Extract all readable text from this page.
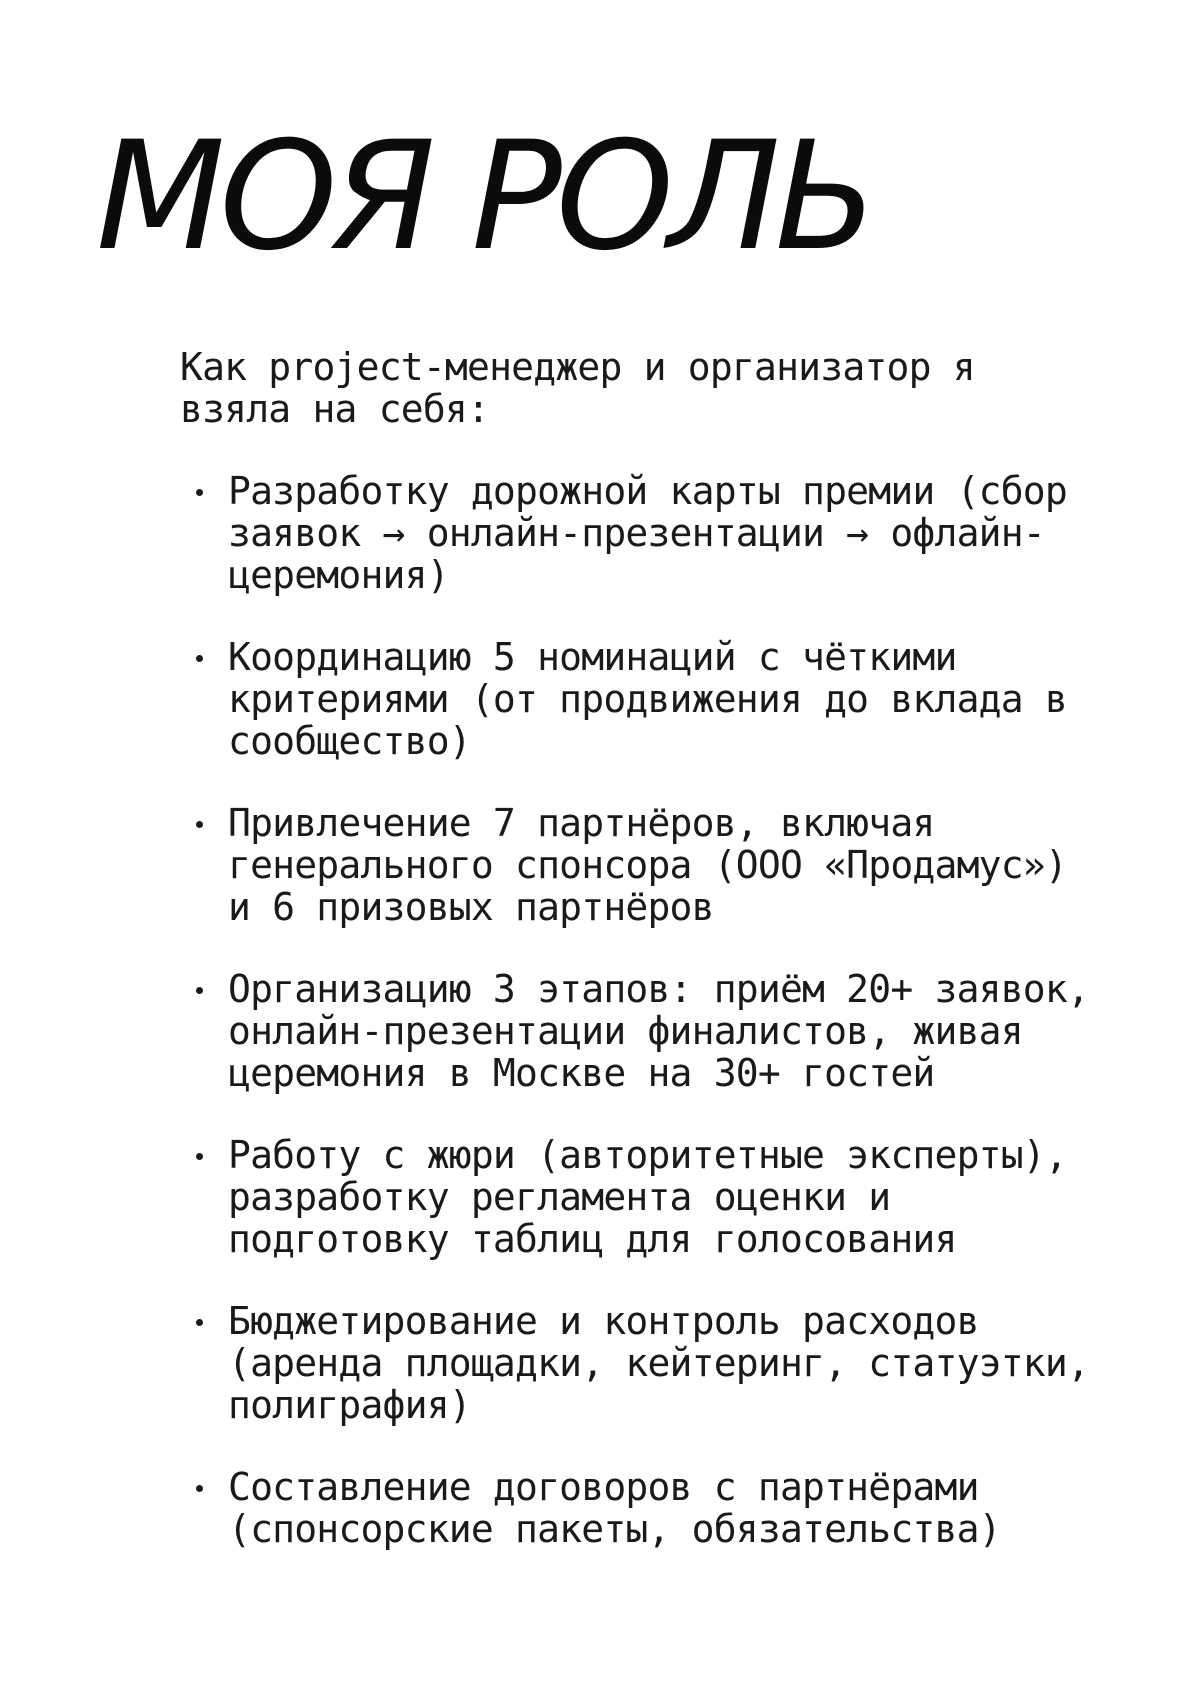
МОЯ РОЛЬ

Как project-менеджер и организатор я
взяла на себя:

Разработку дорожной карты премии (сбор
заявок → онлайн-презентации → офлайн-
церемония)
Координацию 5 номинаций с чёткими
критериями (от продвижения до вклада в
сообщество)
Привлечение 7 партнёров, включая
генерального спонсора (ООО «Продамус»)
и 6 призовых партнёров
Организацию 3 этапов: приём 20+ заявок,
онлайн-презентации финалистов, живая
церемония в Москве на 30+ гостей
Работу с жюри (авторитетные эксперты),
разработку регламента оценки и
подготовку таблиц для голосования
Бюджетирование и контроль расходов
(аренда площадки, кейтеринг, статуэтки,
полиграфия)
Составление договоров с партнёрами
(спонсорские пакеты, обязательства)
